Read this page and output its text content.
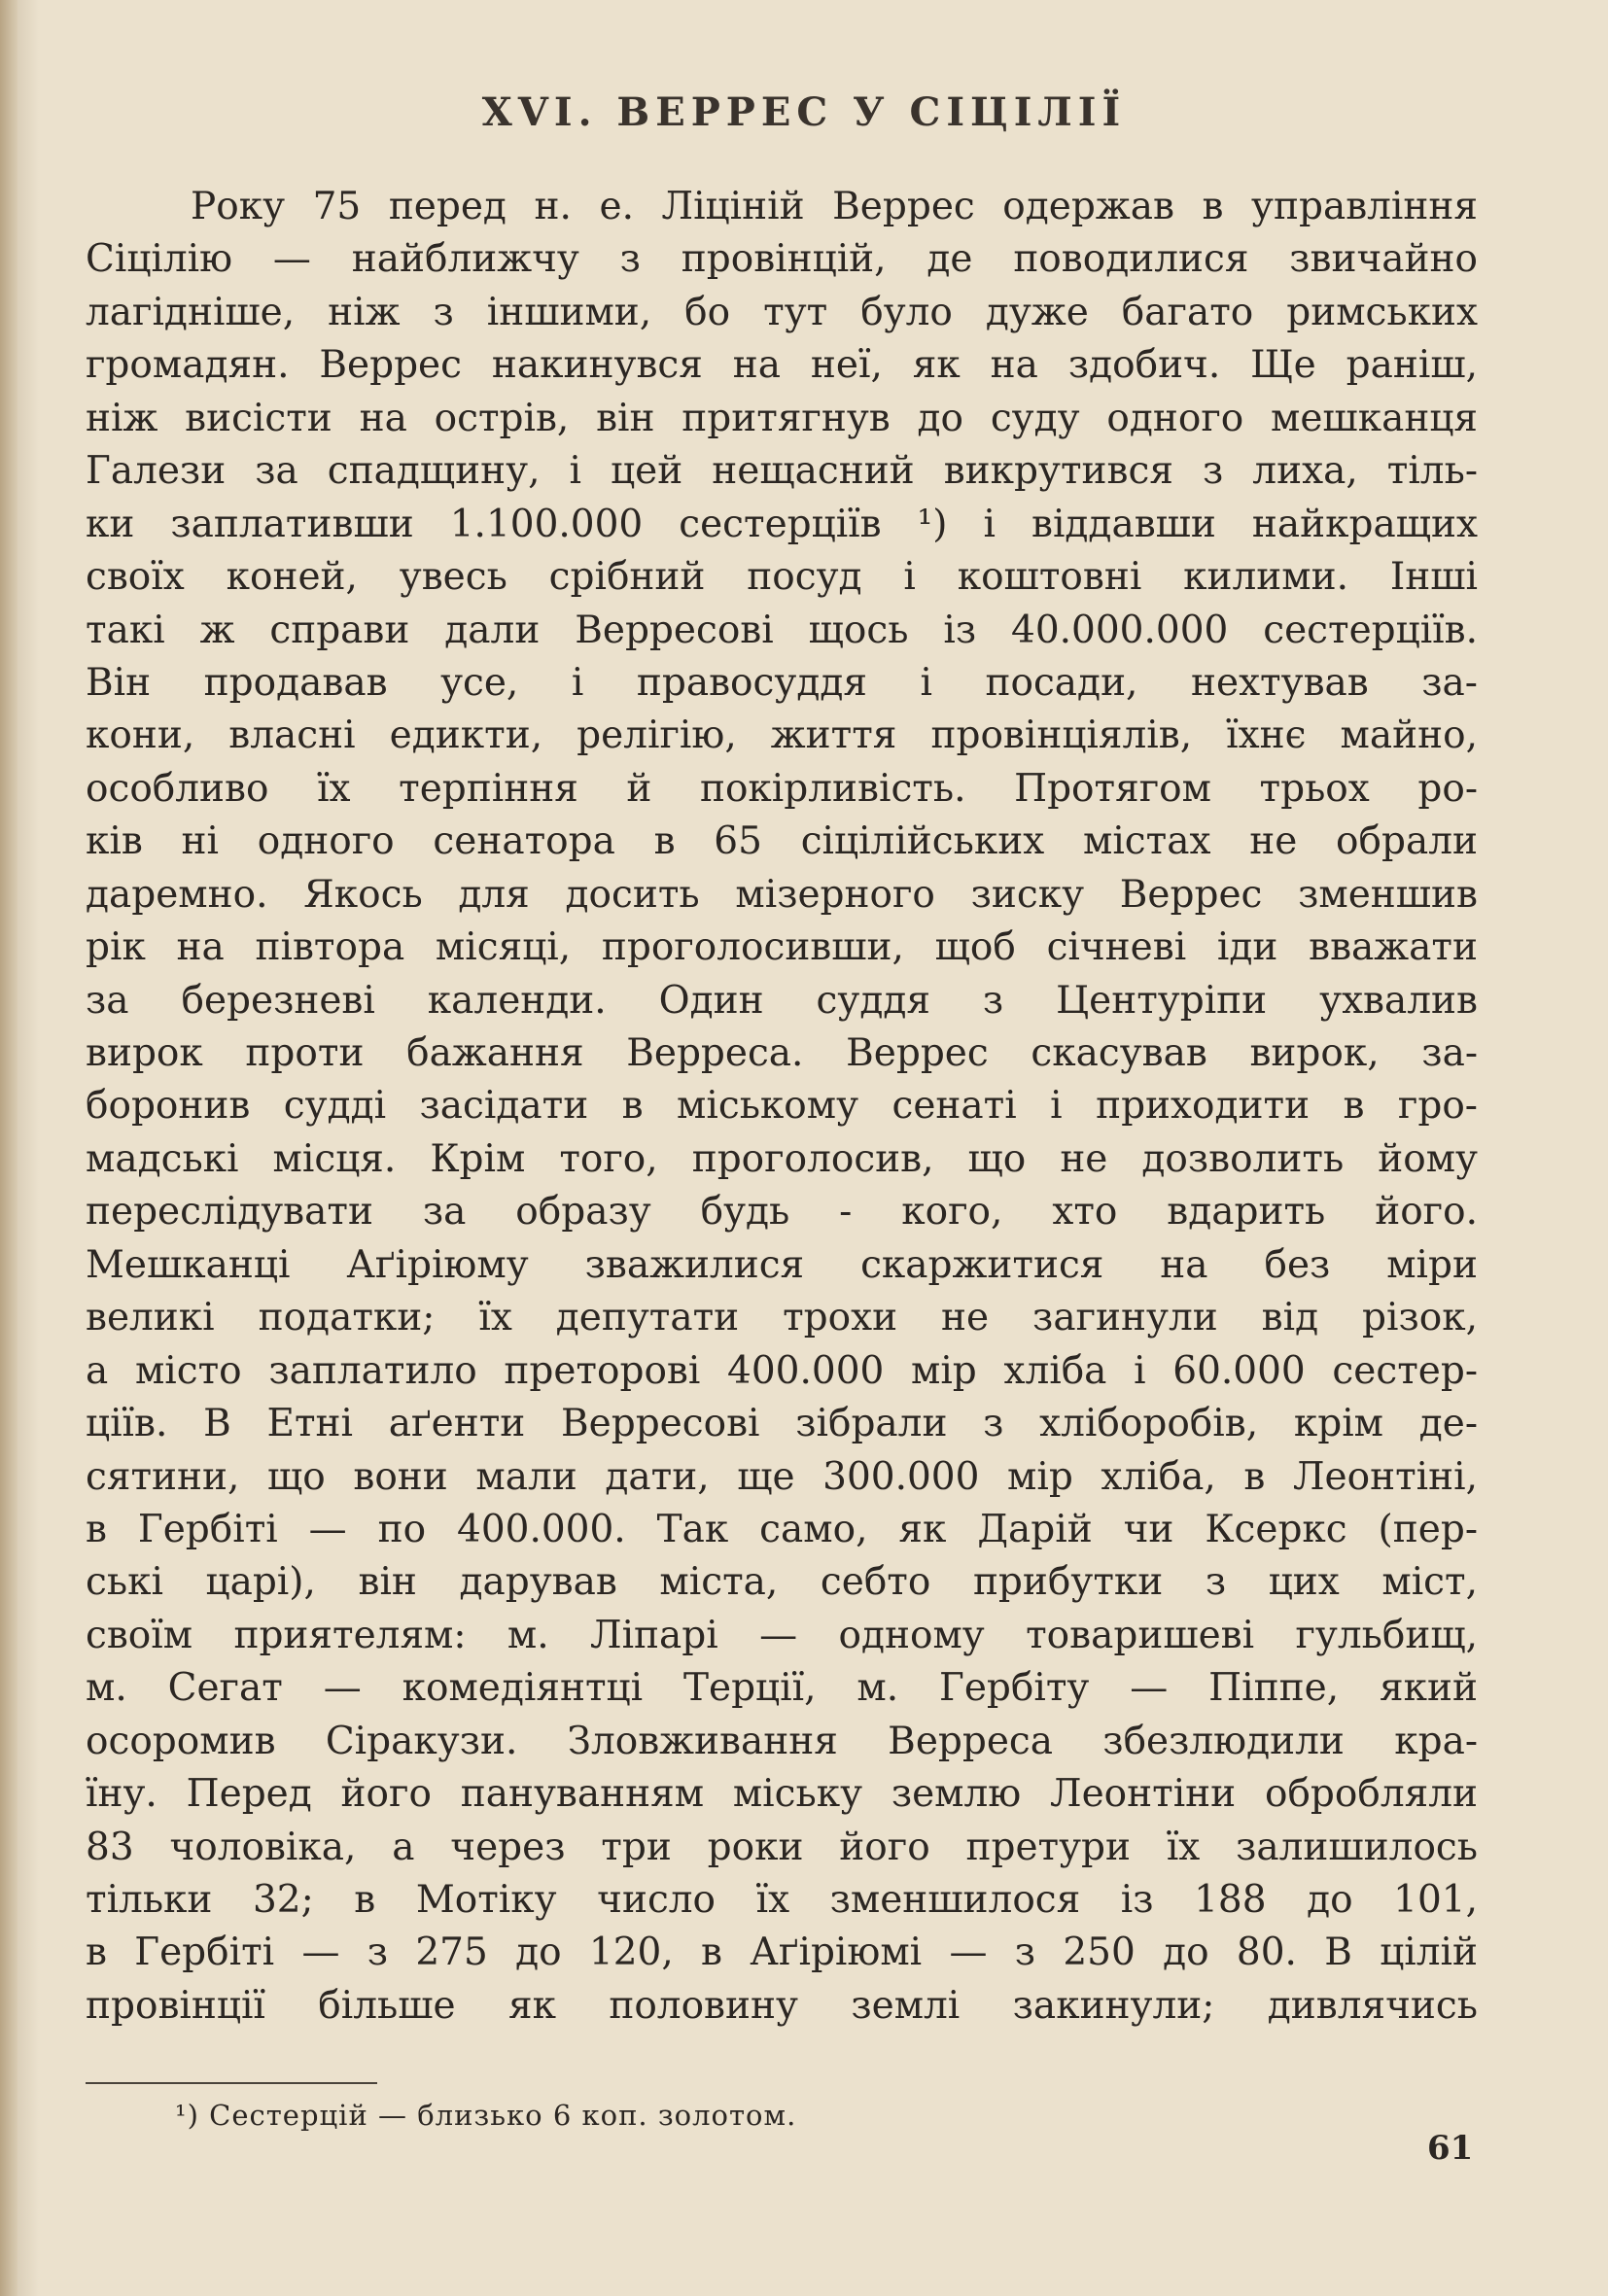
XVI. ВЕРРЕС У СІЦІЛІЇ
Року 75 перед н. е. Ліціній Веррес одержав в управління
Сіцілію — найближчу з провінцій, де поводилися звичайно
лагідніше, ніж з іншими, бо тут було дуже багато римських
громадян. Веррес накинувся на неї, як на здобич. Ще раніш,
ніж висісти на острів, він притягнув до суду одного мешканця
Галези за спадщину, і цей нещасний викрутився з лиха, тіль-
ки заплативши 1.100.000 сестерціїв ¹) і віддавши найкращих
своїх коней, увесь срібний посуд і коштовні килими. Інші
такі ж справи дали Верресові щось із 40.000.000 сестерціїв.
Він продавав усе, і правосуддя і посади, нехтував за-
кони, власні едикти, релігію, життя провінціялів, їхнє майно,
особливо їх терпіння й покірливість. Протягом трьох ро-
ків ні одного сенатора в 65 сіцілійських містах не обрали
даремно. Якось для досить мізерного зиску Веррес зменшив
рік на півтора місяці, проголосивши, щоб січневі іди вважати
за березневі календи. Один суддя з Центуріпи ухвалив
вирок проти бажання Верреса. Веррес скасував вирок, за-
боронив судді засідати в міському сенаті і приходити в гро-
мадські місця. Крім того, проголосив, що не дозволить йому
переслідувати за образу будь - кого, хто вдарить його.
Мешканці Аґіріюму зважилися скаржитися на без міри
великі податки; їх депутати трохи не загинули від різок,
а місто заплатило преторові 400.000 мір хліба і 60.000 сестер-
ціїв. В Етні аґенти Верресові зібрали з хліборобів, крім де-
сятини, що вони мали дати, ще 300.000 мір хліба, в Леонтіні,
в Гербіті — по 400.000. Так само, як Дарій чи Ксеркс (пер-
ські царі), він дарував міста, себто прибутки з цих міст,
своїм приятелям: м. Ліпарі — одному товаришеві гульбищ,
м. Сегат — комедіянтці Терції, м. Гербіту — Піппе, який
осоромив Сіракузи. Зловживання Верреса збезлюдили кра-
їну. Перед його пануванням міську землю Леонтіни обробляли
83 чоловіка, а через три роки його претури їх залишилось
тільки 32; в Мотіку число їх зменшилося із 188 до 101,
в Гербіті — з 275 до 120, в Аґіріюмі — з 250 до 80. В цілій
провінції більше як половину землі закинули; дивлячись
¹) Сестерцій — близько 6 коп. золотом.
61
